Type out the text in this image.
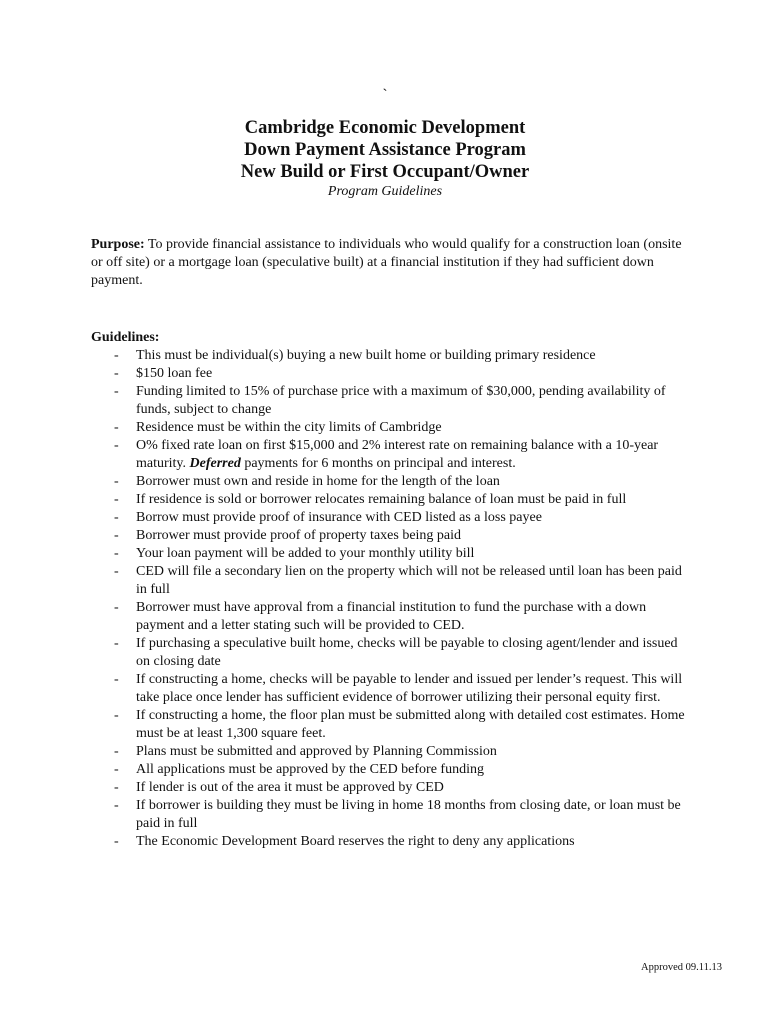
`
Cambridge Economic Development
Down Payment Assistance Program
New Build or First Occupant/Owner
Program Guidelines
Purpose: To provide financial assistance to individuals who would qualify for a construction loan (onsite or off site) or a mortgage loan (speculative built) at a financial institution if they had sufficient down payment.
Guidelines:
- This must be individual(s) buying a new built home or building primary residence
- $150 loan fee
- Funding limited to 15% of purchase price with a maximum of $30,000, pending availability of funds, subject to change
- Residence must be within the city limits of Cambridge
- O% fixed rate loan on first $15,000 and 2% interest rate on remaining balance with a 10-year maturity. Deferred payments for 6 months on principal and interest.
- Borrower must own and reside in home for the length of the loan
- If residence is sold or borrower relocates remaining balance of loan must be paid in full
- Borrow must provide proof of insurance with CED listed as a loss payee
- Borrower must provide proof of property taxes being paid
- Your loan payment will be added to your monthly utility bill
- CED will file a secondary lien on the property which will not be released until loan has been paid in full
- Borrower must have approval from a financial institution to fund the purchase with a down payment and a letter stating such will be provided to CED.
- If purchasing a speculative built home, checks will be payable to closing agent/lender and issued on closing date
- If constructing a home, checks will be payable to lender and issued per lender’s request. This will take place once lender has sufficient evidence of borrower utilizing their personal equity first.
- If constructing a home, the floor plan must be submitted along with detailed cost estimates. Home must be at least 1,300 square feet.
- Plans must be submitted and approved by Planning Commission
- All applications must be approved by the CED before funding
- If lender is out of the area it must be approved by CED
- If borrower is building they must be living in home 18 months from closing date, or loan must be paid in full
- The Economic Development Board reserves the right to deny any applications
Approved 09.11.13
